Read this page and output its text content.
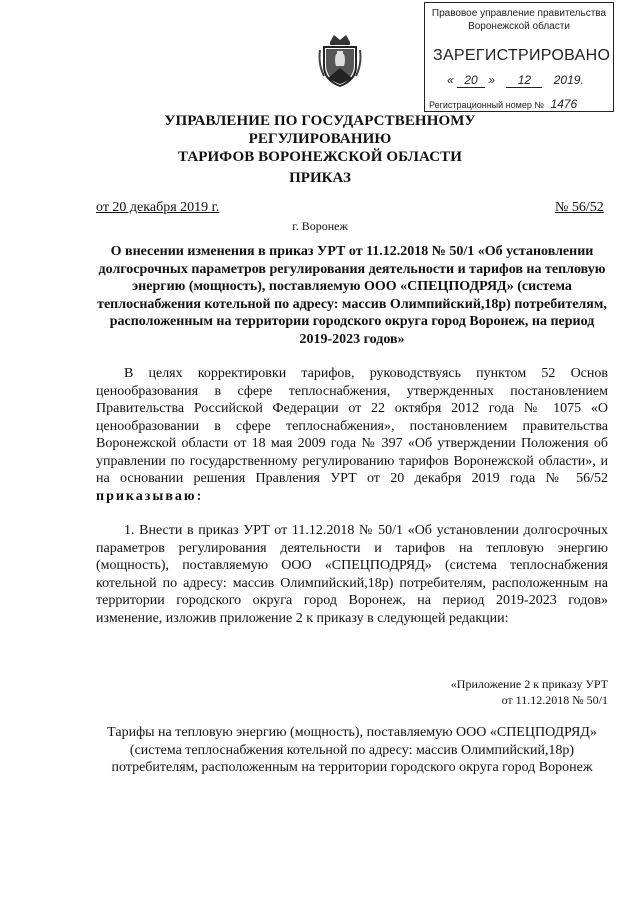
Правовое управление правительства
Воронежской области
ЗАРЕГИСТРИРОВАНО
« 20 » 12 2019.
Регистрационный номер № 1476
УПРАВЛЕНИЕ ПО ГОСУДАРСТВЕННОМУ РЕГУЛИРОВАНИЮ
ТАРИФОВ ВОРОНЕЖСКОЙ ОБЛАСТИ
ПРИКАЗ
от 20 декабря 2019 г.	№ 56/52
г. Воронеж
О внесении изменения в приказ УРТ от 11.12.2018 № 50/1 «Об установлении долгосрочных параметров регулирования деятельности и тарифов на тепловую энергию (мощность), поставляемую ООО «СПЕЦПОДРЯД» (система теплоснабжения котельной по адресу: массив Олимпийский,18р) потребителям, расположенным на территории городского округа город Воронеж, на период 2019-2023 годов»

В целях корректировки тарифов, руководствуясь пунктом 52 Основ ценообразования в сфере теплоснабжения, утвержденных постановлением Правительства Российской Федерации от 22 октября 2012 года № 1075 «О ценообразовании в сфере теплоснабжения», постановлением правительства Воронежской области от 18 мая 2009 года № 397 «Об утверждении Положения об управлении по государственному регулированию тарифов Воронежской области», и на основании решения Правления УРТ от 20 декабря 2019 года № 56/52 приказываю:

1. Внести в приказ УРТ от 11.12.2018 № 50/1 «Об установлении долгосрочных параметров регулирования деятельности и тарифов на тепловую энергию (мощность), поставляемую ООО «СПЕЦПОДРЯД» (система теплоснабжения котельной по адресу: массив Олимпийский,18р) потребителям, расположенным на территории городского округа город Воронеж, на период 2019-2023 годов» изменение, изложив приложение 2 к приказу в следующей редакции:

«Приложение 2 к приказу УРТ
от 11.12.2018 № 50/1
Тарифы на тепловую энергию (мощность), поставляемую ООО «СПЕЦПОДРЯД» (система теплоснабжения котельной по адресу: массив Олимпийский,18р) потребителям, расположенным на территории городского округа город Воронеж
